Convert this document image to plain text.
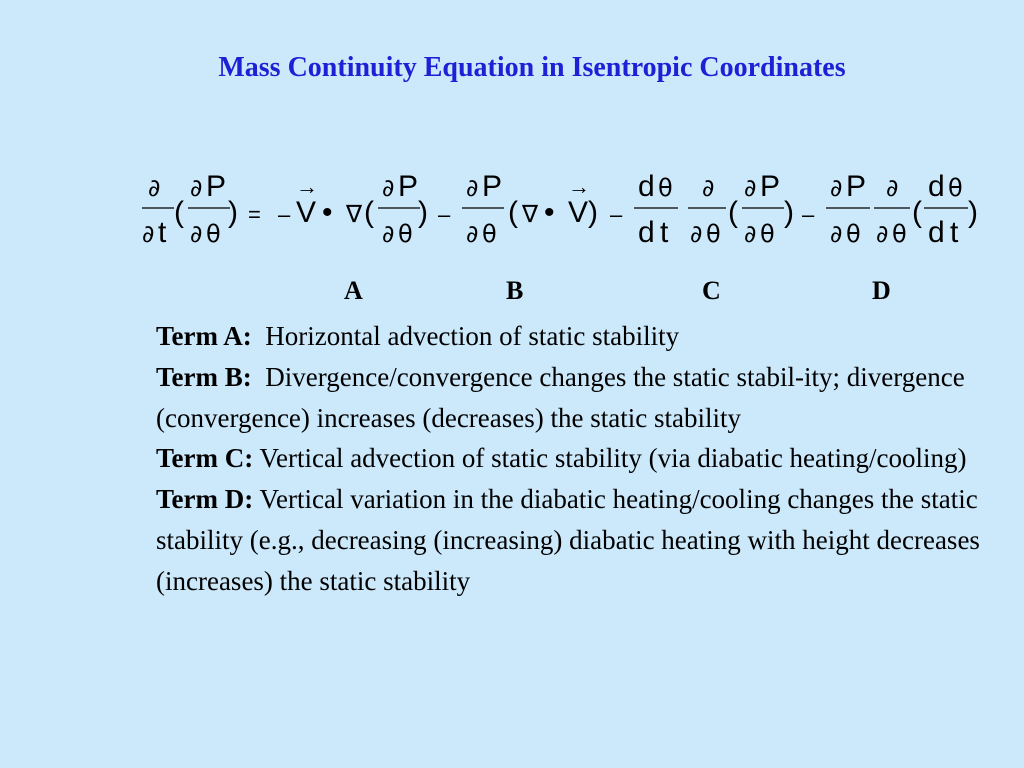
Mass Continuity Equation in Isentropic Coordinates
∂
∂ t
(
∂ P
∂ θ
) = –
→
V • ∇ (
∂ P
∂ θ
) –
∂ P
∂ θ
( ∇ •
→
V ) –
d θ
d t
∂
∂ θ
(
∂ P
∂ θ
) –
∂ P
∂ θ
∂
∂ θ
(
d θ
d t
)
A	B	C	D

Term A:  Horizontal advection of static stability

Term B:  Divergence/convergence changes the static stabil-ity; divergence (convergence) increases (decreases) the static stability

Term C: Vertical advection of static stability (via diabatic heating/cooling)

Term D: Vertical variation in the diabatic heating/cooling changes the static stability (e.g., decreasing (increasing) diabatic heating with height decreases (increases) the static stability
